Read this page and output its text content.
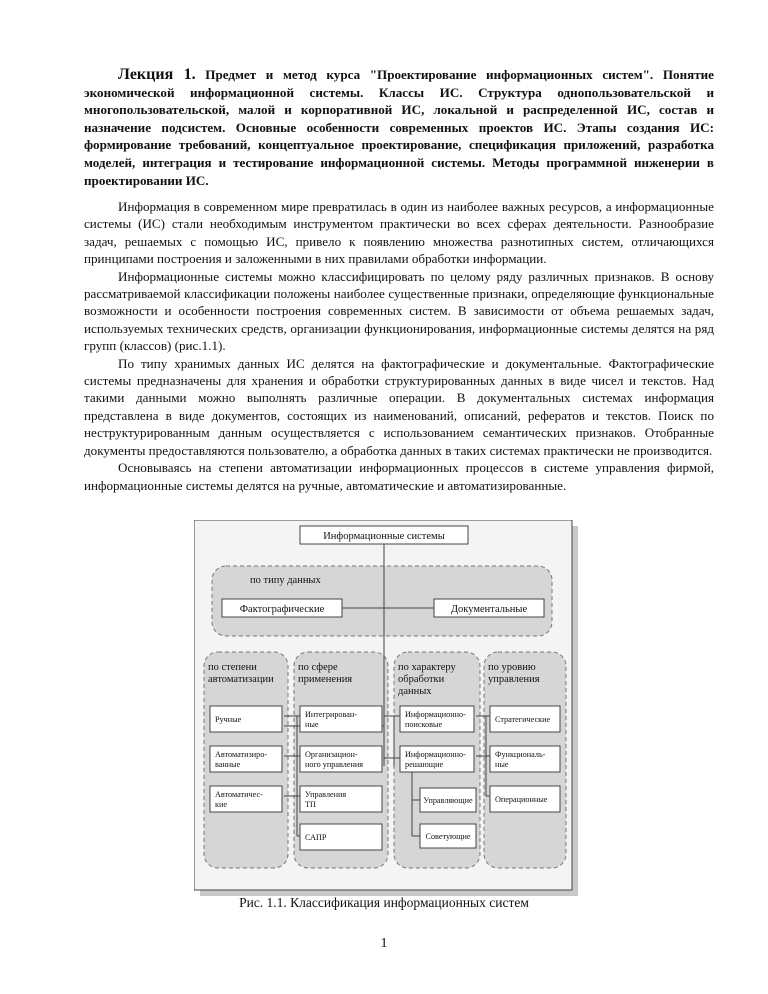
Лекция 1. Предмет и метод курса "Проектирование информационных систем". Понятие экономической информационной системы. Классы ИС. Структура однопользовательской и многопользовательской, малой и корпоративной ИС, локальной и распределенной ИС, состав и назначение подсистем. Основные особенности современных проектов ИС. Этапы создания ИС: формирование требований, концептуальное проектирование, спецификация приложений, разработка моделей, интеграция и тестирование информационной системы. Методы программной инженерии в проектировании ИС.

Информация в современном мире превратилась в один из наиболее важных ресурсов, а информационные системы (ИС) стали необходимым инструментом практически во всех сферах деятельности. Разнообразие задач, решаемых с помощью ИС, привело к появлению множества разнотипных систем, отличающихся принципами построения и заложенными в них правилами обработки информации.

Информационные системы можно классифицировать по целому ряду различных признаков. В основу рассматриваемой классификации положены наиболее существенные признаки, определяющие функциональные возможности и особенности построения современных систем. В зависимости от объема решаемых задач, используемых технических средств, организации функционирования, информационные системы делятся на ряд групп (классов) (рис.1.1).

По типу хранимых данных ИС делятся на фактографические и документальные. Фактографические системы предназначены для хранения и обработки структурированных данных в виде чисел и текстов. Над такими данными можно выполнять различные операции. В документальных системах информация представлена в виде документов, состоящих из наименований, описаний, рефератов и текстов. Поиск по неструктурированным данным осуществляется с использованием семантических признаков. Отобранные документы предоставляются пользователю, а обработка данных в таких системах практически не производится.

Основываясь на степени автоматизации информационных процессов в системе управления фирмой, информационные системы делятся на ручные, автоматические и автоматизированные.

Информационные системы
по типу данных
Фактографические	Документальные
по степени автоматизации
Ручные
Автоматизиро-ванные
Автоматичес-кие
по сфере применения
Интегрирован-ные
Организацион-ного управления
Управления ТП
САПР
по характеру обработки данных
Информационно-поисковые
Информационно-решающие
Управляющие
Советующие
по уровню управления
Стратегические
Функциональ-ные
Операционные
Рис. 1.1. Классификация информационных систем
1
